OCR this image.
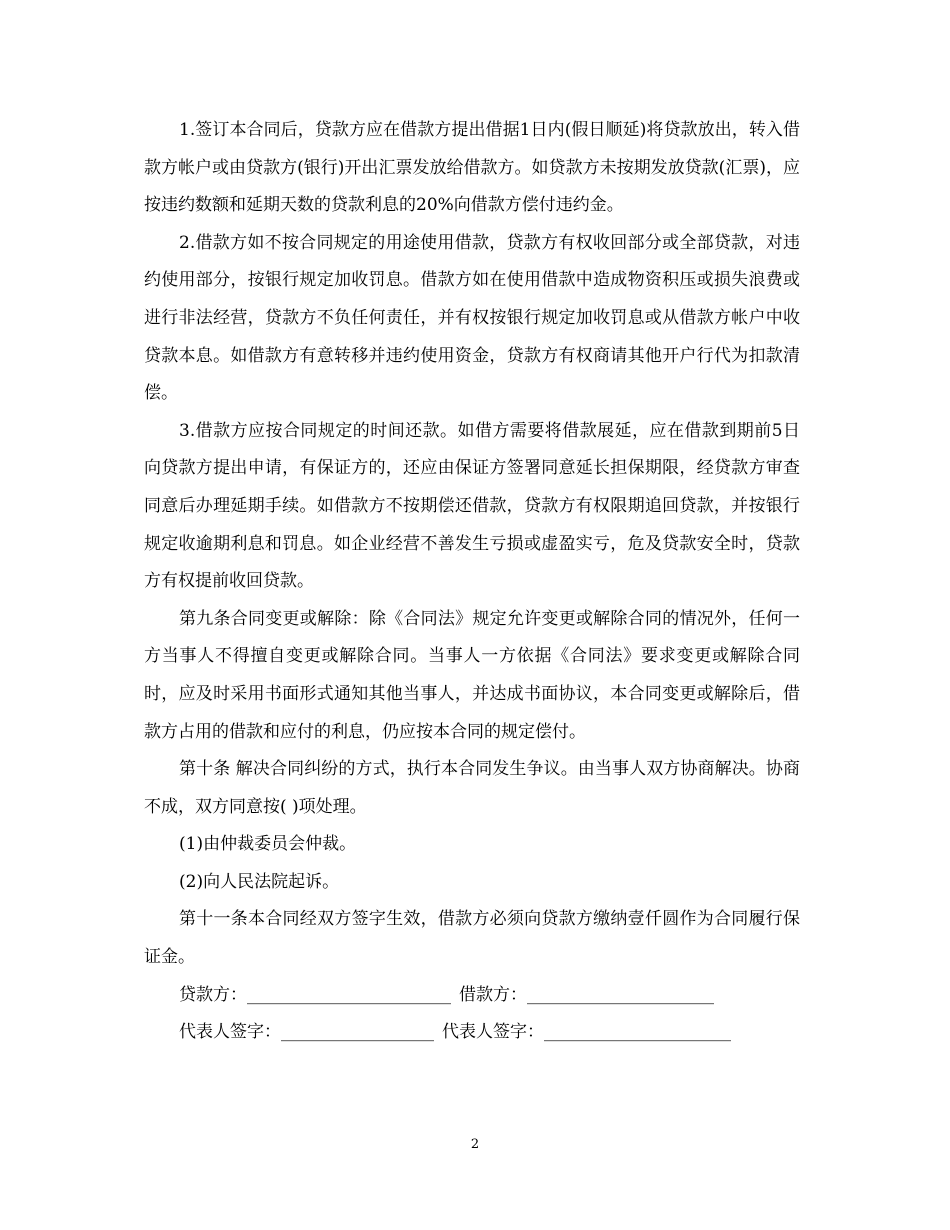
1.签订本合同后，贷款方应在借款方提出借据1日内(假日顺延)将贷款放出，转入借款方帐户或由贷款方(银行)开出汇票发放给借款方。如贷款方未按期发放贷款(汇票)，应按违约数额和延期天数的贷款利息的20%向借款方偿付违约金。

2.借款方如不按合同规定的用途使用借款，贷款方有权收回部分或全部贷款，对违约使用部分，按银行规定加收罚息。借款方如在使用借款中造成物资积压或损失浪费或进行非法经营，贷款方不负任何责任，并有权按银行规定加收罚息或从借款方帐户中收贷款本息。如借款方有意转移并违约使用资金，贷款方有权商请其他开户行代为扣款清偿。

3.借款方应按合同规定的时间还款。如借方需要将借款展延，应在借款到期前5日向贷款方提出申请，有保证方的，还应由保证方签署同意延长担保期限，经贷款方审查同意后办理延期手续。如借款方不按期偿还借款，贷款方有权限期追回贷款，并按银行规定收逾期利息和罚息。如企业经营不善发生亏损或虚盈实亏，危及贷款安全时，贷款方有权提前收回贷款。

第九条合同变更或解除：除《合同法》规定允许变更或解除合同的情况外，任何一方当事人不得擅自变更或解除合同。当事人一方依据《合同法》要求变更或解除合同时，应及时采用书面形式通知其他当事人，并达成书面协议，本合同变更或解除后，借款方占用的借款和应付的利息，仍应按本合同的规定偿付。

第十条 解决合同纠纷的方式，执行本合同发生争议。由当事人双方协商解决。协商不成，双方同意按( )项处理。

(1)由仲裁委员会仲裁。

(2)向人民法院起诉。

第十一条本合同经双方签字生效，借款方必须向贷款方缴纳壹仟圆作为合同履行保证金。

贷款方：________________________ 借款方：______________________
代表人签字：__________________ 代表人签字：______________________
2
